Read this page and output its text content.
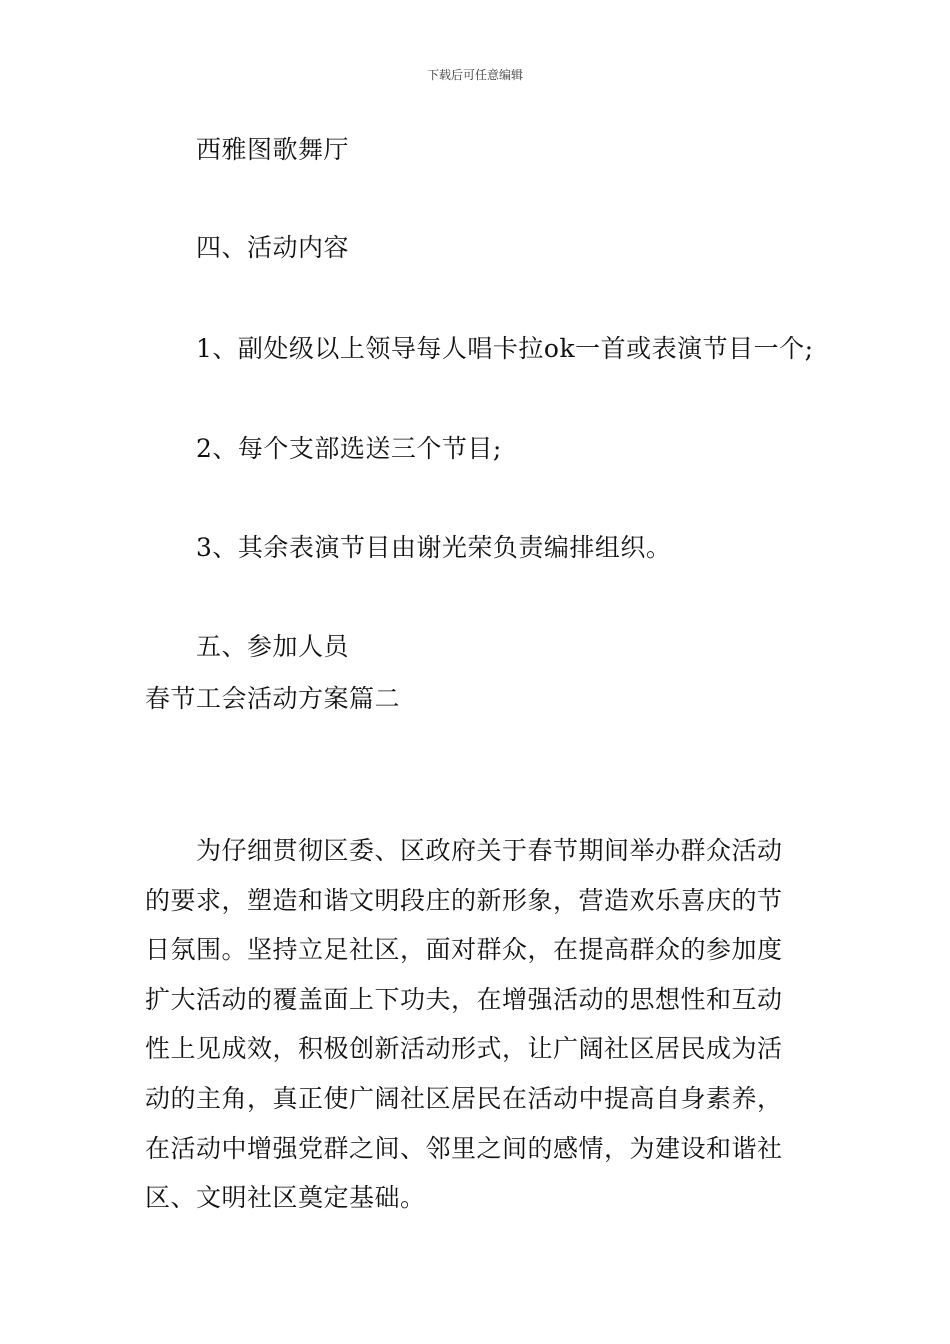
下载后可任意编辑
西雅图歌舞厅
四、活动内容
1、副处级以上领导每人唱卡拉ok一首或表演节目一个;
2、每个支部选送三个节目;
3、其余表演节目由谢光荣负责编排组织。
五、参加人员
春节工会活动方案篇二
为仔细贯彻区委、区政府关于春节期间举办群众活动
的要求，塑造和谐文明段庄的新形象，营造欢乐喜庆的节
日氛围。坚持立足社区，面对群众，在提高群众的参加度
扩大活动的覆盖面上下功夫，在增强活动的思想性和互动
性上见成效，积极创新活动形式，让广阔社区居民成为活
动的主角，真正使广阔社区居民在活动中提高自身素养，
在活动中增强党群之间、邻里之间的感情，为建设和谐社
区、文明社区奠定基础。
